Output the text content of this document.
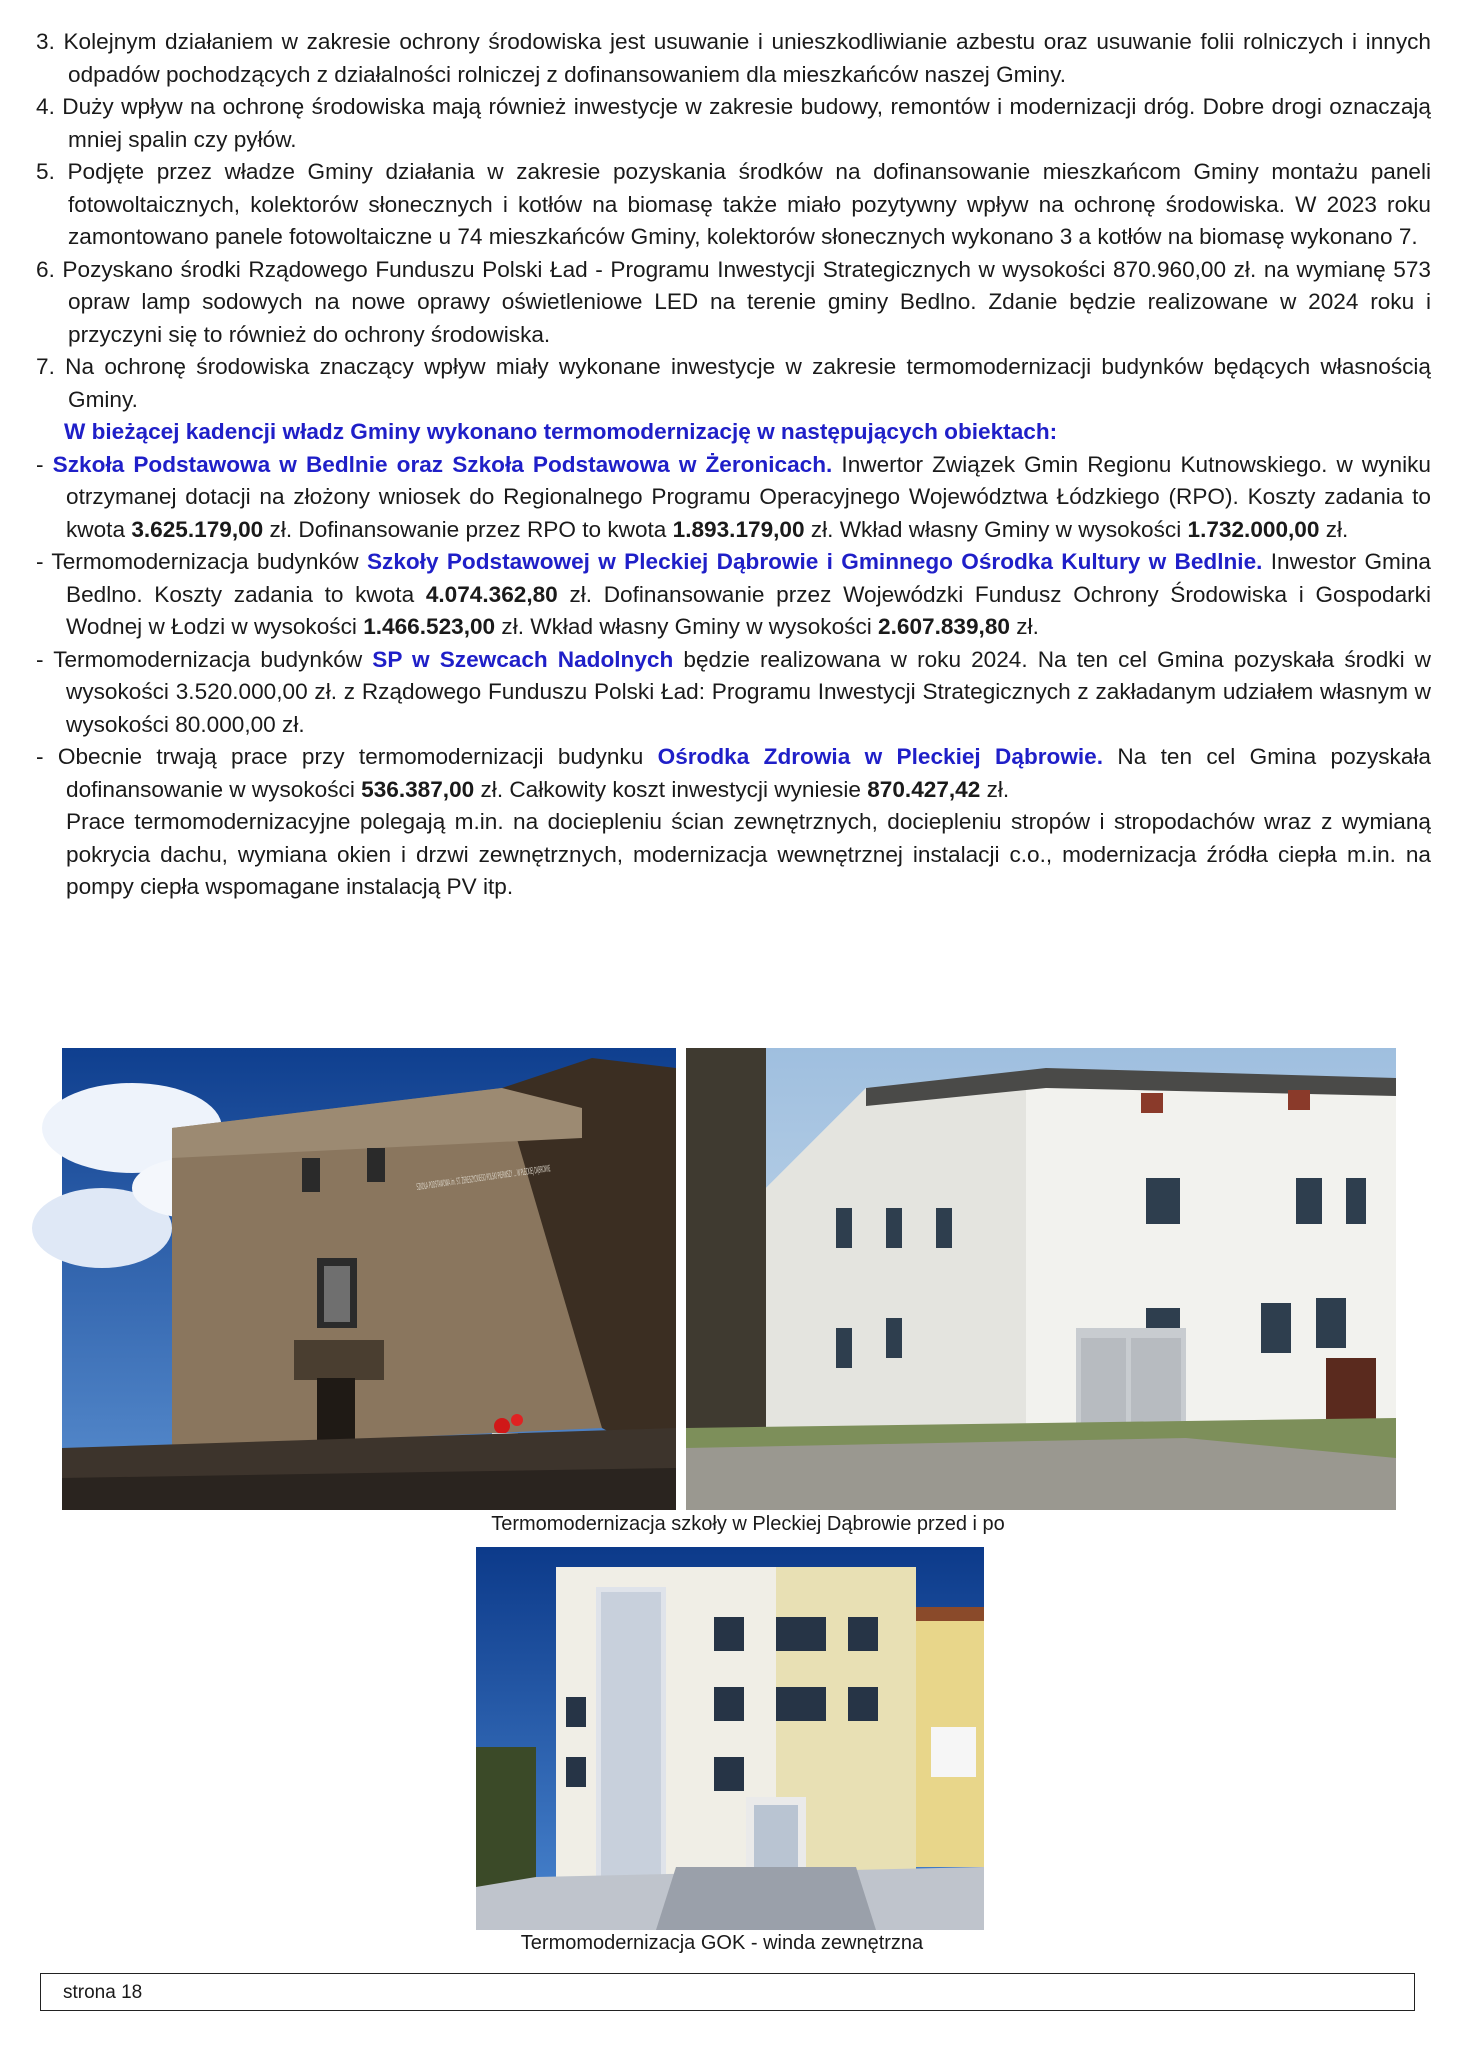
3. Kolejnym działaniem w zakresie ochrony środowiska jest usuwanie i unieszkodliwianie azbestu oraz usuwanie folii rolniczych i innych odpadów pochodzących z działalności rolniczej z dofinansowaniem dla mieszkańców naszej Gminy.

4. Duży wpływ na ochronę środowiska mają również inwestycje w zakresie budowy, remontów i modernizacji dróg. Dobre drogi oznaczają mniej spalin czy pyłów.

5. Podjęte przez władze Gminy działania w zakresie pozyskania środków na dofinansowanie mieszkańcom Gminy montażu paneli fotowoltaicznych, kolektorów słonecznych i kotłów na biomasę także miało pozytywny wpływ na ochronę środowiska. W 2023 roku zamontowano panele fotowoltaiczne u 74 mieszkańców Gminy, kolektorów słonecznych wykonano 3 a kotłów na biomasę wykonano 7.

6. Pozyskano środki Rządowego Funduszu Polski Ład - Programu Inwestycji Strategicznych w wysokości 870.960,00 zł. na wymianę 573 opraw lamp sodowych na nowe oprawy oświetleniowe LED na terenie gminy Bedlno. Zdanie będzie realizowane w 2024 roku i przyczyni się to również do ochrony środowiska.

7. Na ochronę środowiska znaczący wpływ miały wykonane inwestycje w zakresie termomodernizacji budynków będących własnością Gminy.

W bieżącej kadencji władz Gminy wykonano termomodernizację w następujących obiektach:

- Szkoła Podstawowa w Bedlnie oraz Szkoła Podstawowa w Żeronicach. Inwertor Związek Gmin Regionu Kutnowskiego. w wyniku otrzymanej dotacji na złożony wniosek do Regionalnego Programu Operacyjnego Województwa Łódzkiego (RPO). Koszty zadania to kwota 3.625.179,00 zł. Dofinansowanie przez RPO to kwota 1.893.179,00 zł. Wkład własny Gminy w wysokości 1.732.000,00 zł.

- Termomodernizacja budynków Szkoły Podstawowej w Pleckiej Dąbrowie i Gminnego Ośrodka Kultury w Bedlnie. Inwestor Gmina Bedlno. Koszty zadania to kwota 4.074.362,80 zł. Dofinansowanie przez Wojewódzki Fundusz Ochrony Środowiska i Gospodarki Wodnej w Łodzi w wysokości 1.466.523,00 zł. Wkład własny Gminy w wysokości 2.607.839,80 zł.

- Termomodernizacja budynków SP w Szewcach Nadolnych będzie realizowana w roku 2024. Na ten cel Gmina pozyskała środki w wysokości 3.520.000,00 zł. z Rządowego Funduszu Polski Ład: Programu Inwestycji Strategicznych z zakładanym udziałem własnym w wysokości 80.000,00 zł.

- Obecnie trwają prace przy termomodernizacji budynku Ośrodka Zdrowia w Pleckiej Dąbrowie. Na ten cel Gmina pozyskała dofinansowanie w wysokości 536.387,00 zł. Całkowity koszt inwestycji wyniesie 870.427,42 zł.

Prace termomodernizacyjne polegają m.in. na dociepleniu ścian zewnętrznych, dociepleniu stropów i stropodachów wraz z wymianą pokrycia dachu, wymiana okien i drzwi zewnętrznych, modernizacja wewnętrznej instalacji c.o., modernizacja źródła ciepła m.in. na pompy ciepła wspomagane instalacją PV itp.

Termomodernizacja szkoły w Pleckiej Dąbrowie przed i po
Termomodernizacja GOK - winda zewnętrzna
strona 18
